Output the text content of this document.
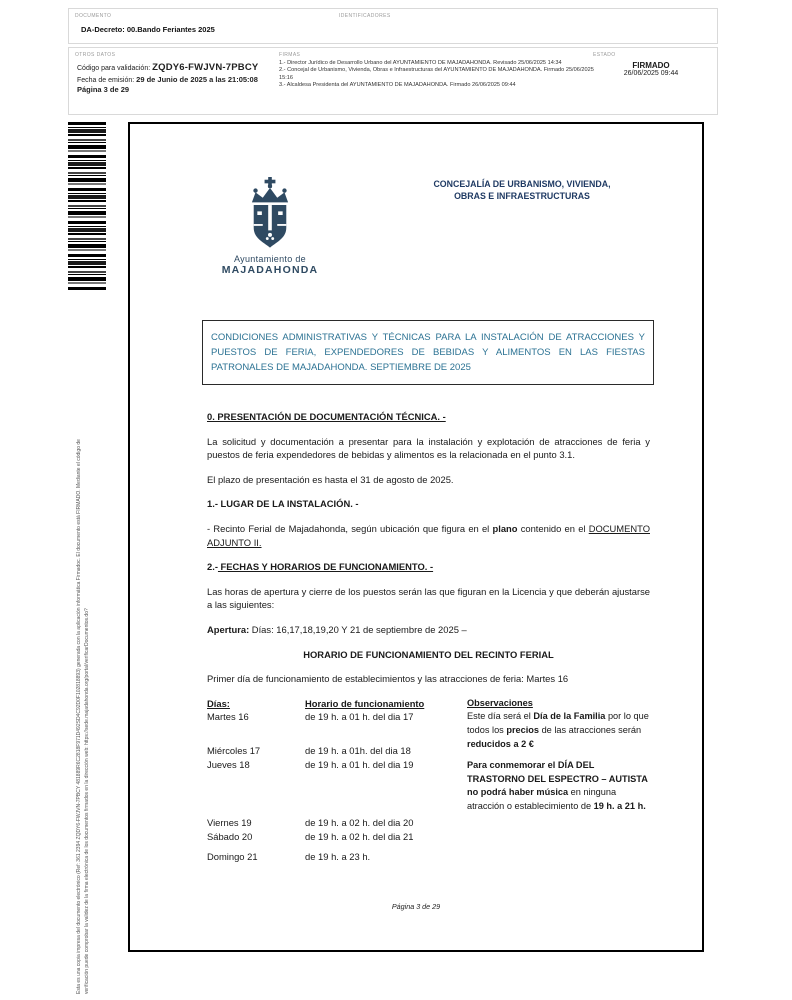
DOCUMENTO	IDENTIFICADORES
DA-Decreto: 00.Bando Feriantes 2025
OTROS DATOS
Código para validación: ZQDY6-FWJVN-7PBCY
Fecha de emisión: 29 de Junio de 2025 a las 21:05:08
Página 3 de 29
FIRMAS
1.- Director Jurídico de Desarrollo Urbano del AYUNTAMIENTO DE MAJADAHONDA. Revisado 25/06/2025 14:34
2.- Concejal de Urbanismo, Vivienda, Obras e Infraestructuras del AYUNTAMIENTO DE MAJADAHONDA. Firmado 25/06/2025 15:16
3.- Alcaldesa Presidenta del AYUNTAMIENTO DE MAJADAHONDA. Firmado 26/06/2025 09:44
ESTADO
FIRMADO
26/06/2025 09:44
Esta es una copia impresa del documento electrónico (Ref: 361 2394 ZQDY6-FWJVN-7PBCY 481889R6C2818F971D492SD4C92D0F102818893) generada con la aplicación informática Firmadoc. El documento está FIRMADO. Mediante el código de verificación puede comprobar la validez de la firma electrónica de los documentos firmados en la dirección web: https://sede.majadahonda.org/portal/verificarDocumentos.do?
Ayuntamiento de
MAJADAHONDA
CONCEJALÍA DE URBANISMO, VIVIENDA,
OBRAS E INFRAESTRUCTURAS
CONDICIONES ADMINISTRATIVAS Y TÉCNICAS PARA LA INSTALACIÓN DE ATRACCIONES Y PUESTOS DE FERIA, EXPENDEDORES DE BEBIDAS Y ALIMENTOS EN LAS FIESTAS PATRONALES DE MAJADAHONDA. SEPTIEMBRE DE 2025
0. PRESENTACIÓN DE DOCUMENTACIÓN TÉCNICA. -
La solicitud y documentación a presentar para la instalación y explotación de atracciones de feria y puestos de feria expendedores de bebidas y alimentos es la relacionada en el punto 3.1.
El plazo de presentación es hasta el 31 de agosto de 2025.
1.- LUGAR DE LA INSTALACIÓN. -
- Recinto Ferial de Majadahonda, según ubicación que figura en el plano contenido en el DOCUMENTO ADJUNTO II.
2.- FECHAS Y HORARIOS DE FUNCIONAMIENTO. -
Las horas de apertura y cierre de los puestos serán las que figuran en la Licencia y que deberán ajustarse a las siguientes:
Apertura: Días: 16,17,18,19,20 Y 21 de septiembre de 2025 –
HORARIO DE FUNCIONAMIENTO DEL RECINTO FERIAL
Primer día de funcionamiento de establecimientos y las atracciones de feria: Martes 16
Días:
Martes 16
Miércoles 17
Jueves 18
Viernes 19
Sábado 20
Domingo 21
Horario de funcionamiento
de 19 h. a 01 h. del dia 17
de 19 h. a 01h. del dia 18
de 19 h. a 01 h. del dia 19
de 19 h. a 02 h. del dia 20
de 19 h. a 02 h. del dia 21
de 19 h. a 23 h.
Observaciones
Este día será el Día de la Familia por lo que todos los precios de las atracciones serán reducidos a 2 €
Para conmemorar el DÍA DEL TRASTORNO DEL ESPECTRO – AUTISTA no podrá haber música en ninguna atracción o establecimiento de 19 h. a 21 h.
Página 3 de 29
